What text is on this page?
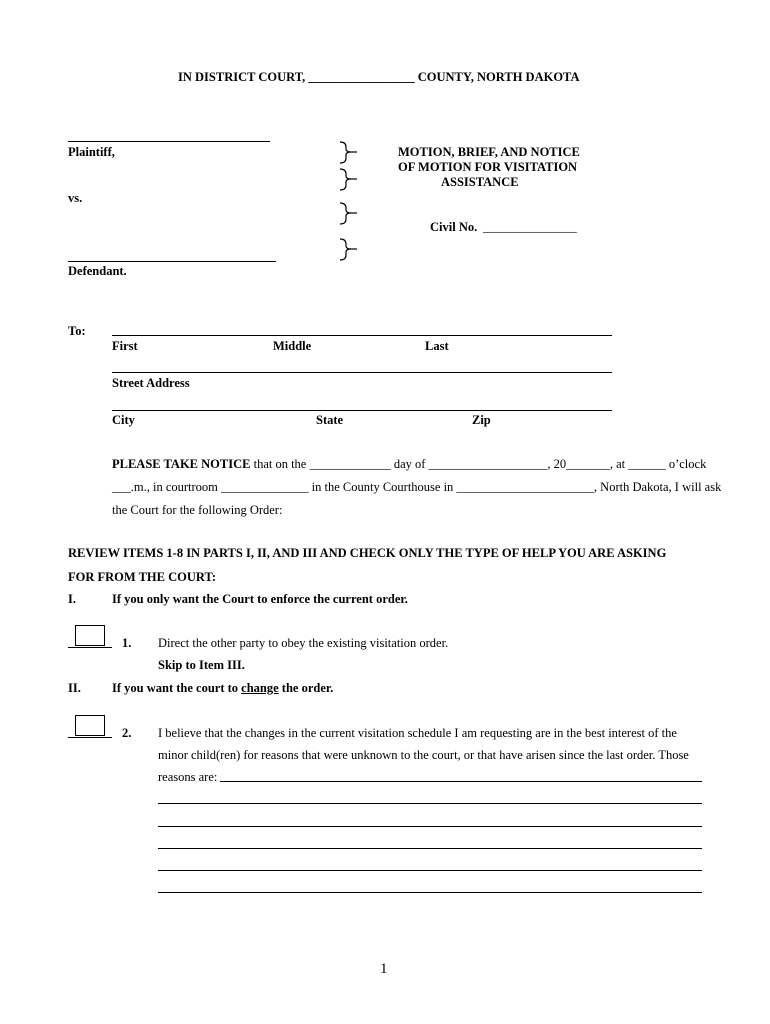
IN DISTRICT COURT, _________________ COUNTY, NORTH DAKOTA
Plaintiff,
vs.
Defendant.
MOTION, BRIEF, AND NOTICE
OF MOTION FOR VISITATION
ASSISTANCE
Civil No. _______________
To:
First	Middle	Last
Street Address
City	State	Zip
PLEASE TAKE NOTICE that on the _____________ day of ___________________, 20_______, at ______ o’clock
___.m., in courtroom ______________ in the County Courthouse in ______________________, North Dakota, I will ask
the Court for the following Order:
REVIEW ITEMS 1-8 IN PARTS I, II, AND III AND CHECK ONLY THE TYPE OF HELP YOU ARE ASKING
FOR FROM THE COURT:
I.	If you only want the Court to enforce the current order.
1. Direct the other party to obey the existing visitation order.
Skip to Item III.
II. If you want the court to change the order.
2. I believe that the changes in the current visitation schedule I am requesting are in the best interest of the
minor child(ren) for reasons that were unknown to the court, or that have arisen since the last order. Those
reasons are:
1
